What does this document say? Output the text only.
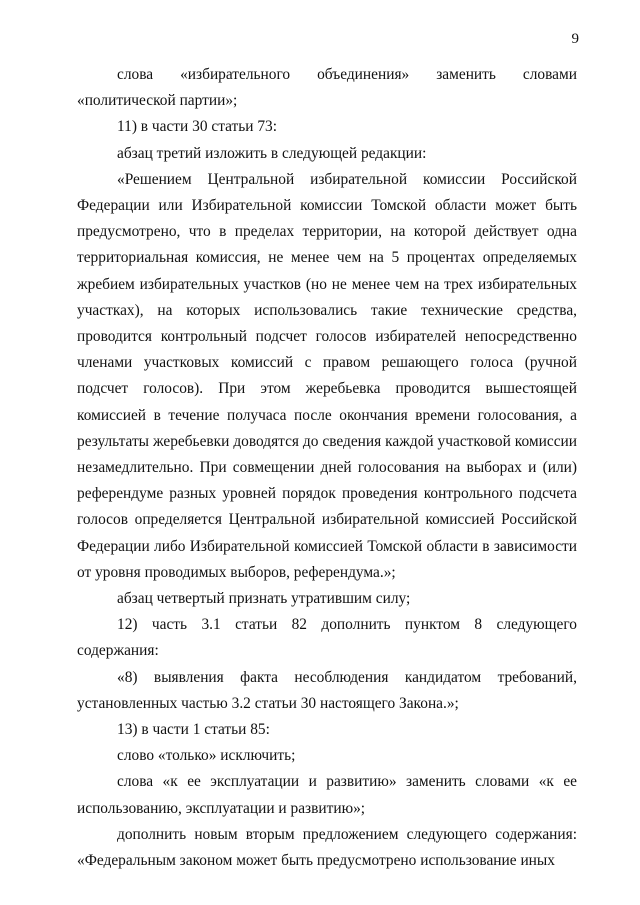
9

слова «избирательного объединения» заменить словами «политической партии»;

11) в части 30 статьи 73:

абзац третий изложить в следующей редакции:

«Решением Центральной избирательной комиссии Российской Федерации или Избирательной комиссии Томской области может быть предусмотрено, что в пределах территории, на которой действует одна территориальная комиссия, не менее чем на 5 процентах определяемых жребием избирательных участков (но не менее чем на трех избирательных участках), на которых использовались такие технические средства, проводится контрольный подсчет голосов избирателей непосредственно членами участковых комиссий с правом решающего голоса (ручной подсчет голосов). При этом жеребьевка проводится вышестоящей комиссией в течение получаса после окончания времени голосования, а результаты жеребьевки доводятся до сведения каждой участковой комиссии незамедлительно. При совмещении дней голосования на выборах и (или) референдуме разных уровней порядок проведения контрольного подсчета голосов определяется Центральной избирательной комиссией Российской Федерации либо Избирательной комиссией Томской области в зависимости от уровня проводимых выборов, референдума.»;

абзац четвертый признать утратившим силу;

12) часть 3.1 статьи 82 дополнить пунктом 8 следующего содержания:

«8) выявления факта несоблюдения кандидатом требований, установленных частью 3.2 статьи 30 настоящего Закона.»;

13) в части 1 статьи 85:

слово «только» исключить;

слова «к ее эксплуатации и развитию» заменить словами «к ее использованию, эксплуатации и развитию»;

дополнить новым вторым предложением следующего содержания: «Федеральным законом может быть предусмотрено использование иных
